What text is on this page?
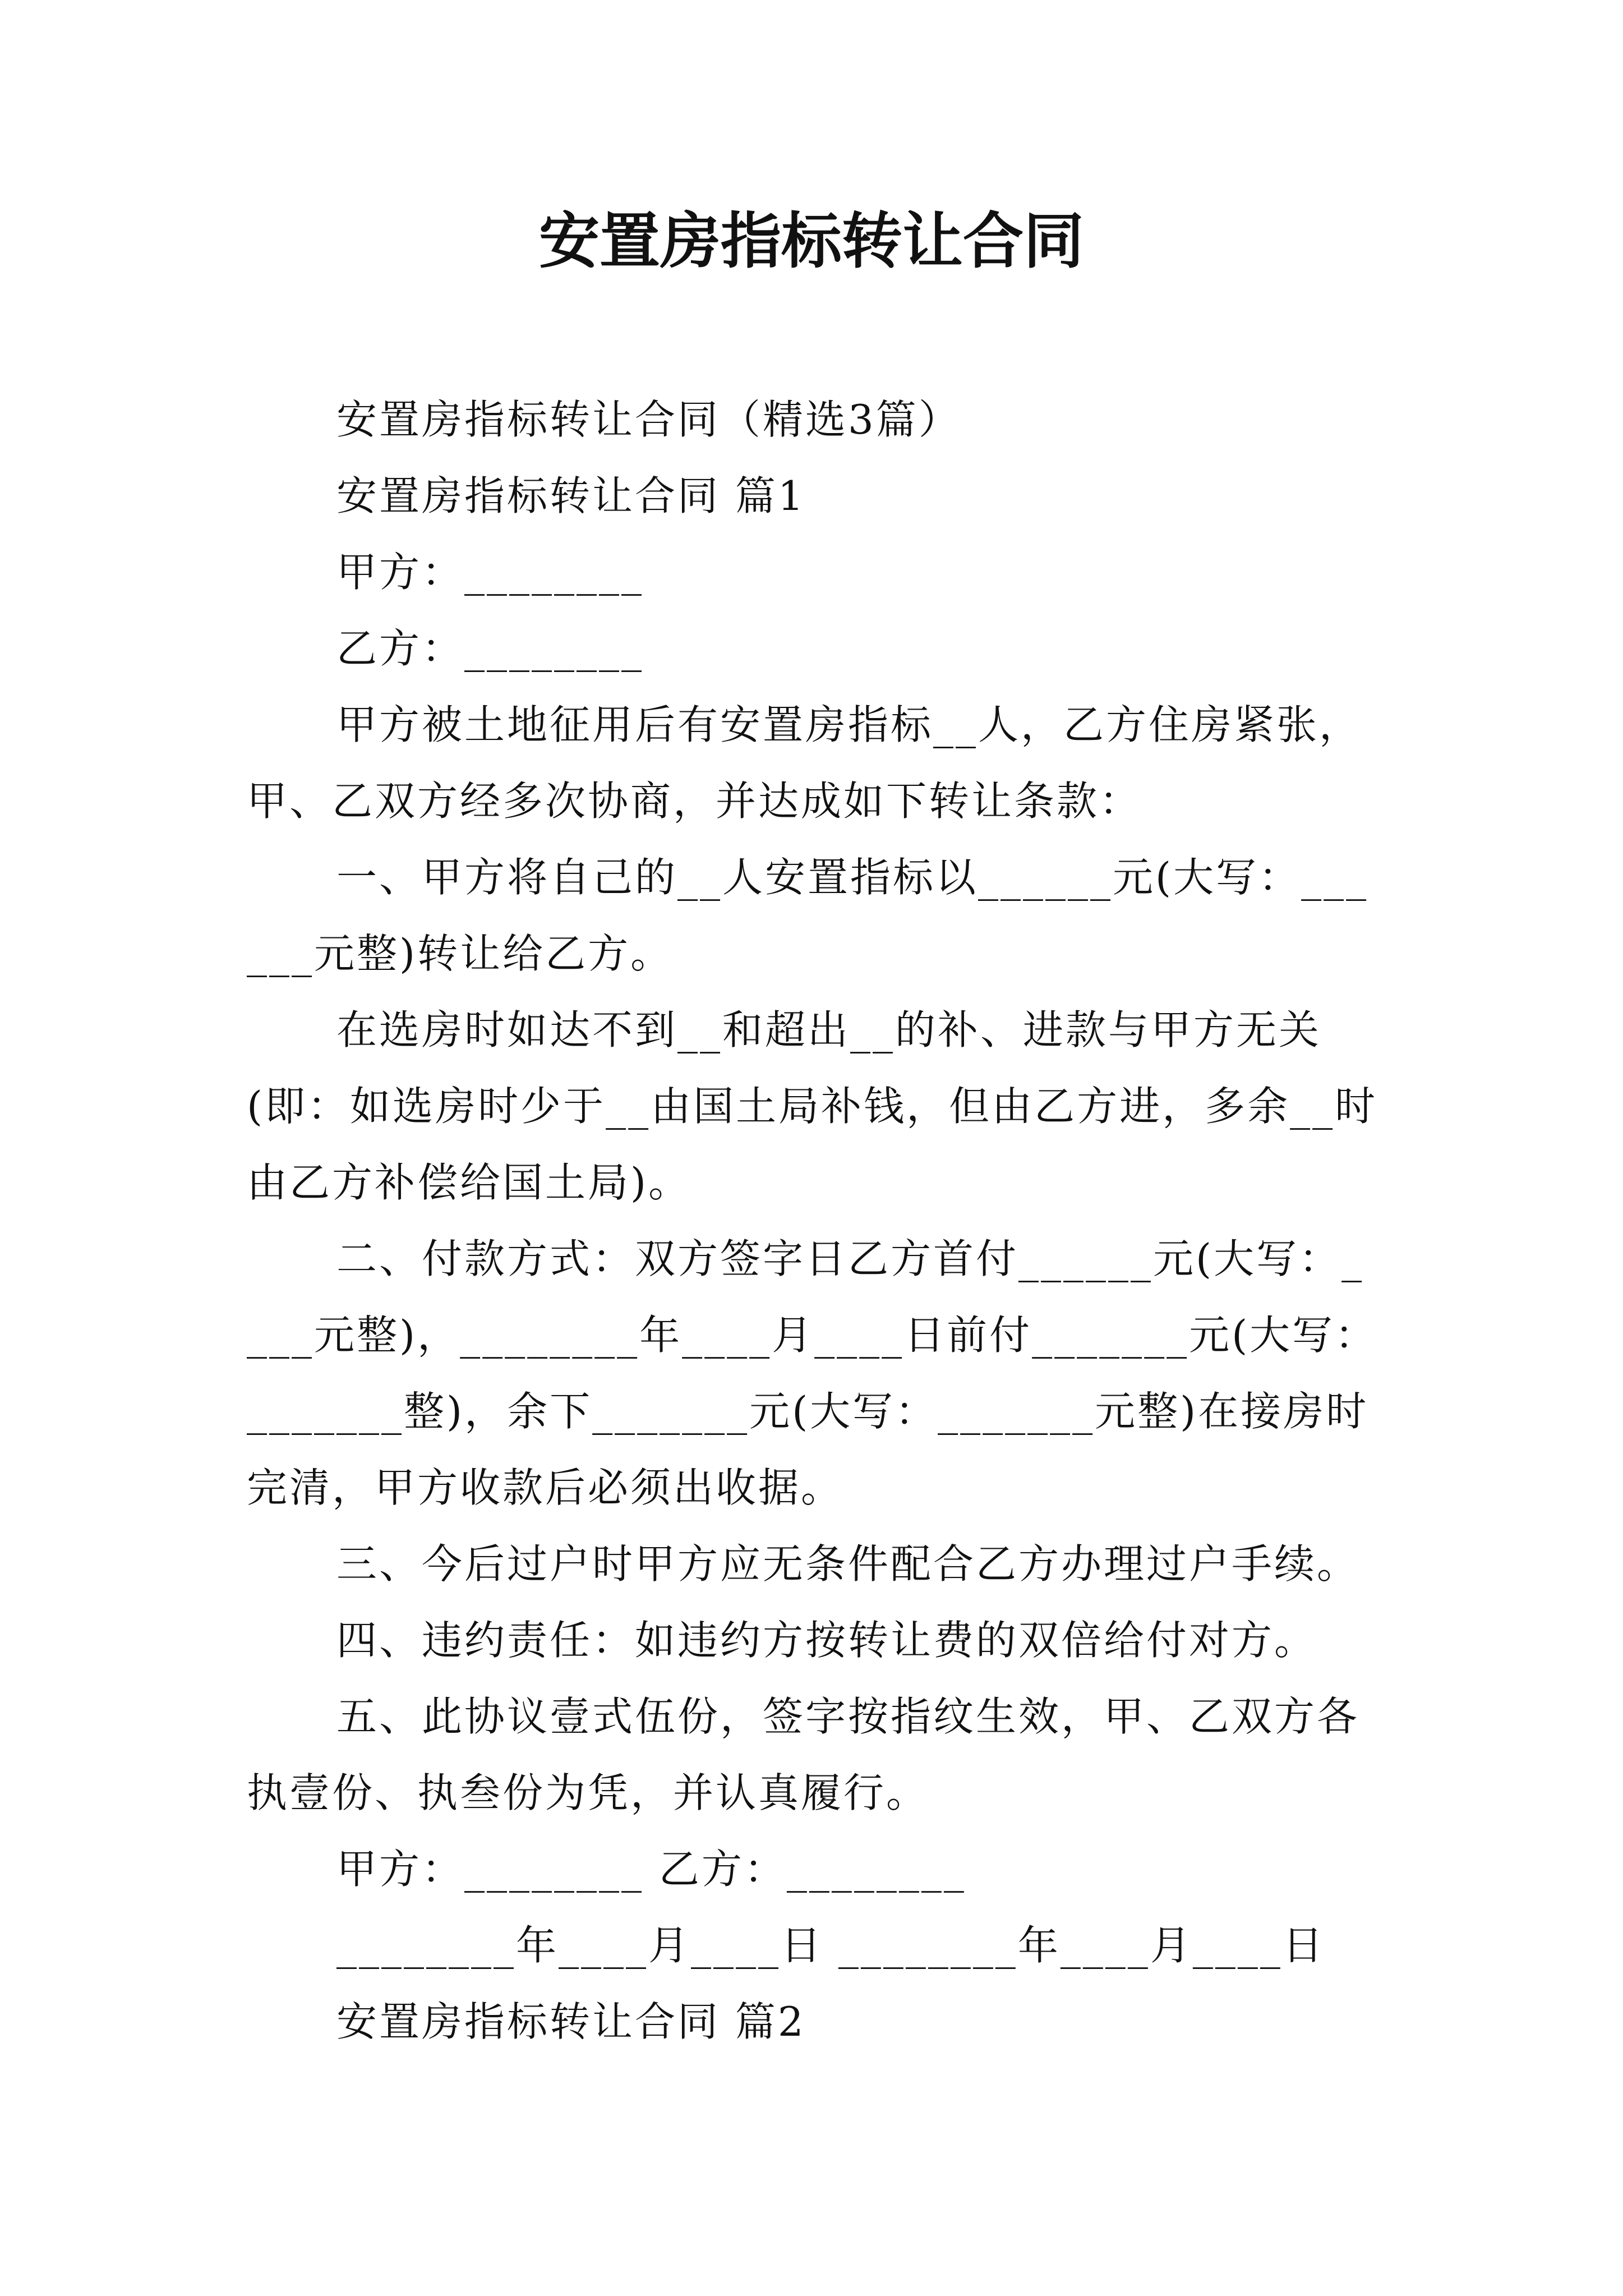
安置房指标转让合同

安置房指标转让合同（精选3篇）

安置房指标转让合同 篇1

甲方：________

乙方：________

甲方被土地征用后有安置房指标__人，乙方住房紧张，甲、乙双方经多次协商，并达成如下转让条款：

一、甲方将自己的__人安置指标以______元(大写：______元整)转让给乙方。

在选房时如达不到__和超出__的补、进款与甲方无关(即：如选房时少于__由国土局补钱，但由乙方进，多余__时由乙方补偿给国土局)。

二、付款方式：双方签字日乙方首付______元(大写：____元整)，________年____月____日前付_______元(大写：_______整)，余下_______元(大写：_______元整)在接房时完清，甲方收款后必须出收据。

三、今后过户时甲方应无条件配合乙方办理过户手续。

四、违约责任：如违约方按转让费的双倍给付对方。

五、此协议壹式伍份，签字按指纹生效，甲、乙双方各执壹份、执叁份为凭，并认真履行。

甲方：________ 乙方：________

________年____月____日 ________年____月____日

安置房指标转让合同 篇2
